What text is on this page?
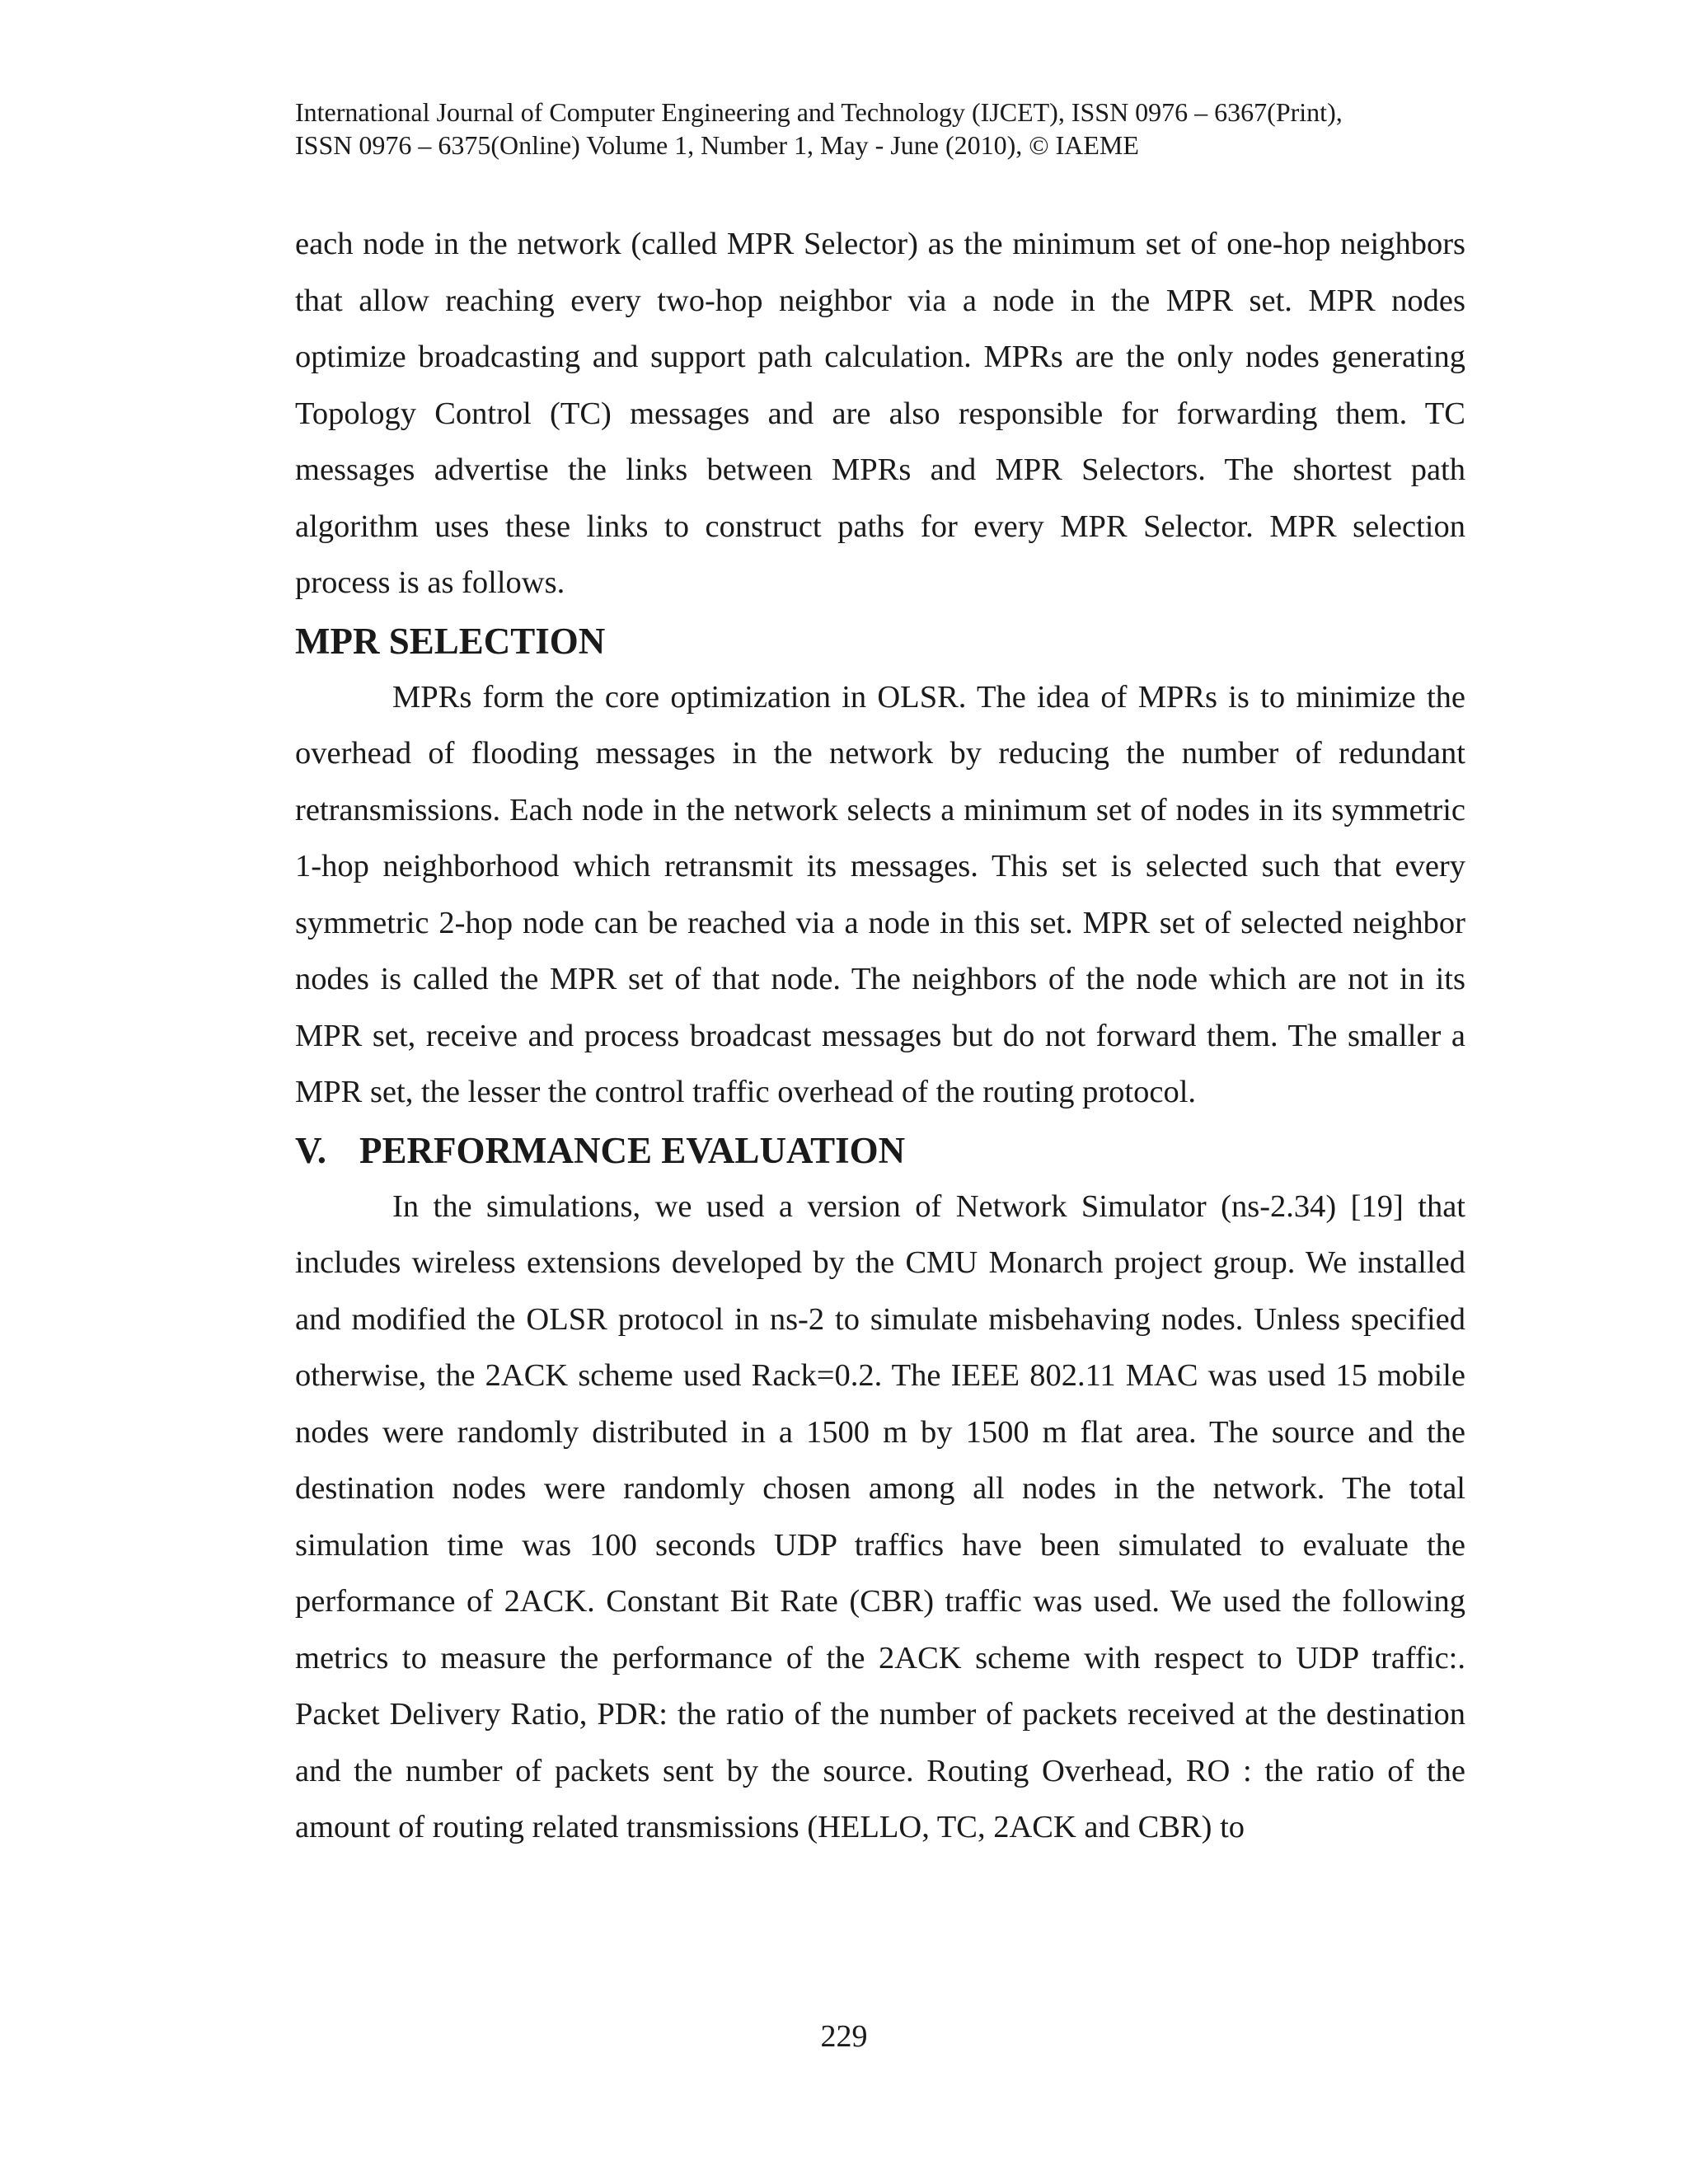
International Journal of Computer Engineering and Technology (IJCET), ISSN 0976 – 6367(Print),
ISSN 0976 – 6375(Online) Volume 1, Number 1, May - June (2010), © IAEME

each node in the network (called MPR Selector) as the minimum set of one-hop neighbors that allow reaching every two-hop neighbor via a node in the MPR set. MPR nodes optimize broadcasting and support path calculation. MPRs are the only nodes generating Topology Control (TC) messages and are also responsible for forwarding them. TC messages advertise the links between MPRs and MPR Selectors. The shortest path algorithm uses these links to construct paths for every MPR Selector. MPR selection process is as follows.

MPR SELECTION

MPRs form the core optimization in OLSR. The idea of MPRs is to minimize the overhead of flooding messages in the network by reducing the number of redundant retransmissions. Each node in the network selects a minimum set of nodes in its symmetric 1-hop neighborhood which retransmit its messages. This set is selected such that every symmetric 2-hop node can be reached via a node in this set. MPR set of selected neighbor nodes is called the MPR set of that node. The neighbors of the node which are not in its MPR set, receive and process broadcast messages but do not forward them. The smaller a MPR set, the lesser the control traffic overhead of the routing protocol.

V. PERFORMANCE EVALUATION

In the simulations, we used a version of Network Simulator (ns-2.34) [19] that includes wireless extensions developed by the CMU Monarch project group. We installed and modified the OLSR protocol in ns-2 to simulate misbehaving nodes. Unless specified otherwise, the 2ACK scheme used Rack=0.2. The IEEE 802.11 MAC was used 15 mobile nodes were randomly distributed in a 1500 m by 1500 m flat area. The source and the destination nodes were randomly chosen among all nodes in the network. The total simulation time was 100 seconds UDP traffics have been simulated to evaluate the performance of 2ACK. Constant Bit Rate (CBR) traffic was used. We used the following metrics to measure the performance of the 2ACK scheme with respect to UDP traffic:. Packet Delivery Ratio, PDR: the ratio of the number of packets received at the destination and the number of packets sent by the source. Routing Overhead, RO : the ratio of the amount of routing related transmissions (HELLO, TC, 2ACK and CBR) to

229
